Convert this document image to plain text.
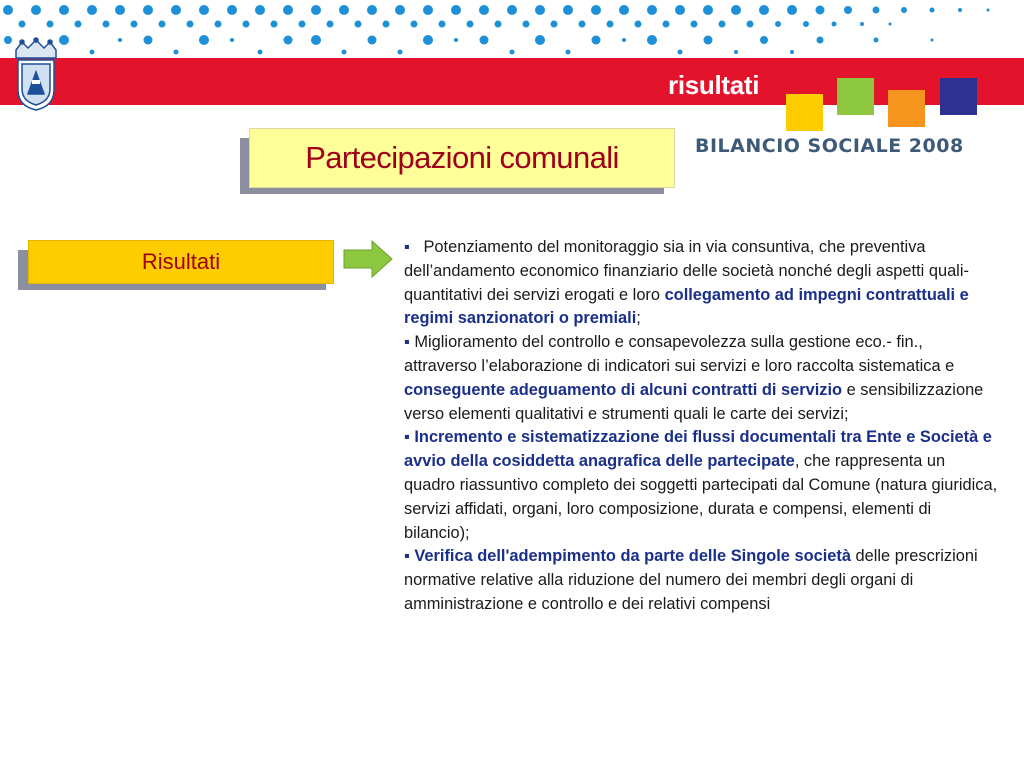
risultati
BILANCIO SOCIALE 2008
Partecipazioni comunali
Risultati

▪ Potenziamento del monitoraggio sia in via consuntiva, che preventiva dell’andamento economico finanziario delle società nonché degli aspetti quali-quantitativi dei servizi erogati e loro collegamento ad impegni contrattuali e regimi sanzionatori o premiali;

▪ Miglioramento del controllo e consapevolezza sulla gestione eco.- fin., attraverso l’elaborazione di indicatori sui servizi e loro raccolta sistematica e conseguente adeguamento di alcuni contratti di servizio e sensibilizzazione verso elementi qualitativi e strumenti quali le carte dei servizi;

▪ Incremento e sistematizzazione dei flussi documentali tra Ente e Società e avvio della cosiddetta anagrafica delle partecipate, che rappresenta un quadro riassuntivo completo dei soggetti partecipati dal Comune (natura giuridica, servizi affidati, organi, loro composizione, durata e compensi, elementi di bilancio);

▪ Verifica dell'adempimento da parte delle Singole società delle prescrizioni normative relative alla riduzione del numero dei membri degli organi di amministrazione e controllo e dei relativi compensi
